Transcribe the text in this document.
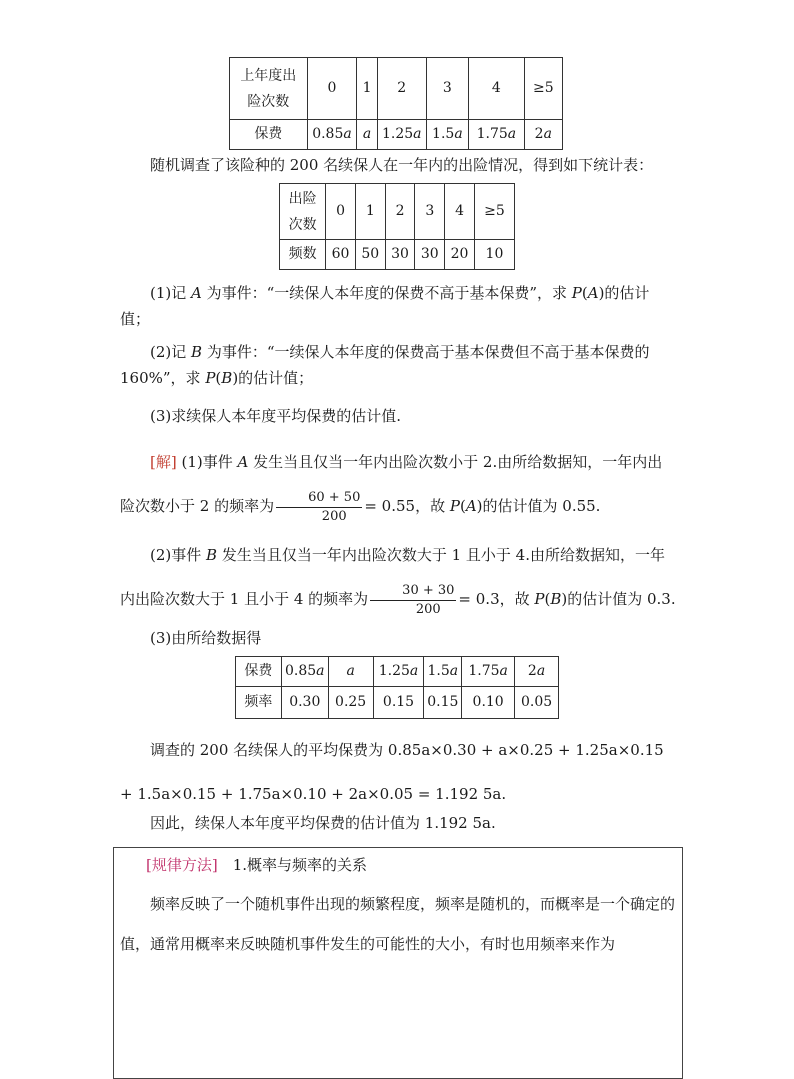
上年度出
险次数	0	1	2	3	4	≥5
保费	0.85a	a	1.25a	1.5a	1.75a	2a

随机调查了该险种的 200 名续保人在一年内的出险情况，得到如下统计表：

出险
次数	0	1	2	3	4	≥5
频数	60	50	30	30	20	10

(1)记 A 为事件：“一续保人本年度的保费不高于基本保费”，求 P(A)的估计值；

(2)记 B 为事件：“一续保人本年度的保费高于基本保费但不高于基本保费的 160%”，求 P(B)的估计值；

(3)求续保人本年度平均保费的估计值.

[解] (1)事件 A 发生当且仅当一年内出险次数小于 2.由所给数据知，一年内出险次数小于 2 的频率为 $\frac{60 + 50}{200} = 0.55$，故 P(A)的估计值为 0.55.

(2)事件 B 发生当且仅当一年内出险次数大于 1 且小于 4.由所给数据知，一年内出险次数大于 1 且小于 4 的频率为 $\frac{30 + 30}{200} = 0.3$，故 P(B)的估计值为 0.3.

(3)由所给数据得

保费	0.85a	a	1.25a	1.5a	1.75a	2a
频率	0.30	0.25	0.15	0.15	0.10	0.05

调查的 200 名续保人的平均保费为 0.85a×0.30 + a×0.25 + 1.25a×0.15 + 1.5a×0.15 + 1.75a×0.10 + 2a×0.05 = 1.192 5a.

因此，续保人本年度平均保费的估计值为 1.192 5a.

[规律方法]　 1.概率与频率的关系

频率反映了一个随机事件出现的频繁程度，频率是随机的，而概率是一个确定的值，通常用概率来反映随机事件发生的可能性的大小，有时也用频率来作为
